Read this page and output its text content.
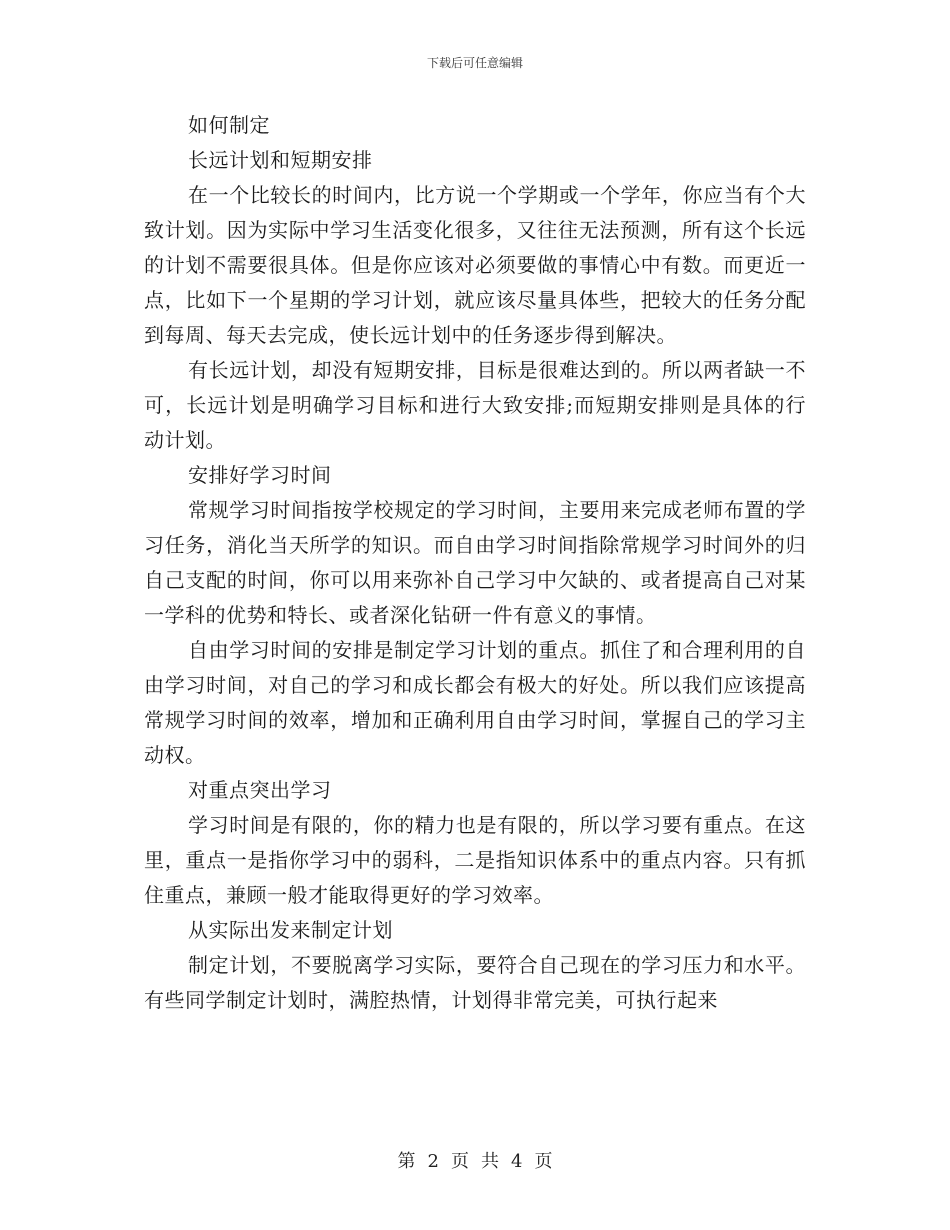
下载后可任意编辑

如何制定

长远计划和短期安排

在一个比较长的时间内，比方说一个学期或一个学年，你应当有个大致计划。因为实际中学习生活变化很多，又往往无法预测，所有这个长远的计划不需要很具体。但是你应该对必须要做的事情心中有数。而更近一点，比如下一个星期的学习计划，就应该尽量具体些，把较大的任务分配到每周、每天去完成，使长远计划中的任务逐步得到解决。

有长远计划，却没有短期安排，目标是很难达到的。所以两者缺一不可，长远计划是明确学习目标和进行大致安排;而短期安排则是具体的行动计划。

安排好学习时间

常规学习时间指按学校规定的学习时间，主要用来完成老师布置的学习任务，消化当天所学的知识。而自由学习时间指除常规学习时间外的归自己支配的时间，你可以用来弥补自己学习中欠缺的、或者提高自己对某一学科的优势和特长、或者深化钻研一件有意义的事情。

自由学习时间的安排是制定学习计划的重点。抓住了和合理利用的自由学习时间，对自己的学习和成长都会有极大的好处。所以我们应该提高常规学习时间的效率，增加和正确利用自由学习时间，掌握自己的学习主动权。

对重点突出学习

学习时间是有限的，你的精力也是有限的，所以学习要有重点。在这里，重点一是指你学习中的弱科，二是指知识体系中的重点内容。只有抓住重点，兼顾一般才能取得更好的学习效率。

从实际出发来制定计划

制定计划，不要脱离学习实际，要符合自己现在的学习压力和水平。有些同学制定计划时，满腔热情，计划得非常完美，可执行起来

第 2 页 共 4 页
